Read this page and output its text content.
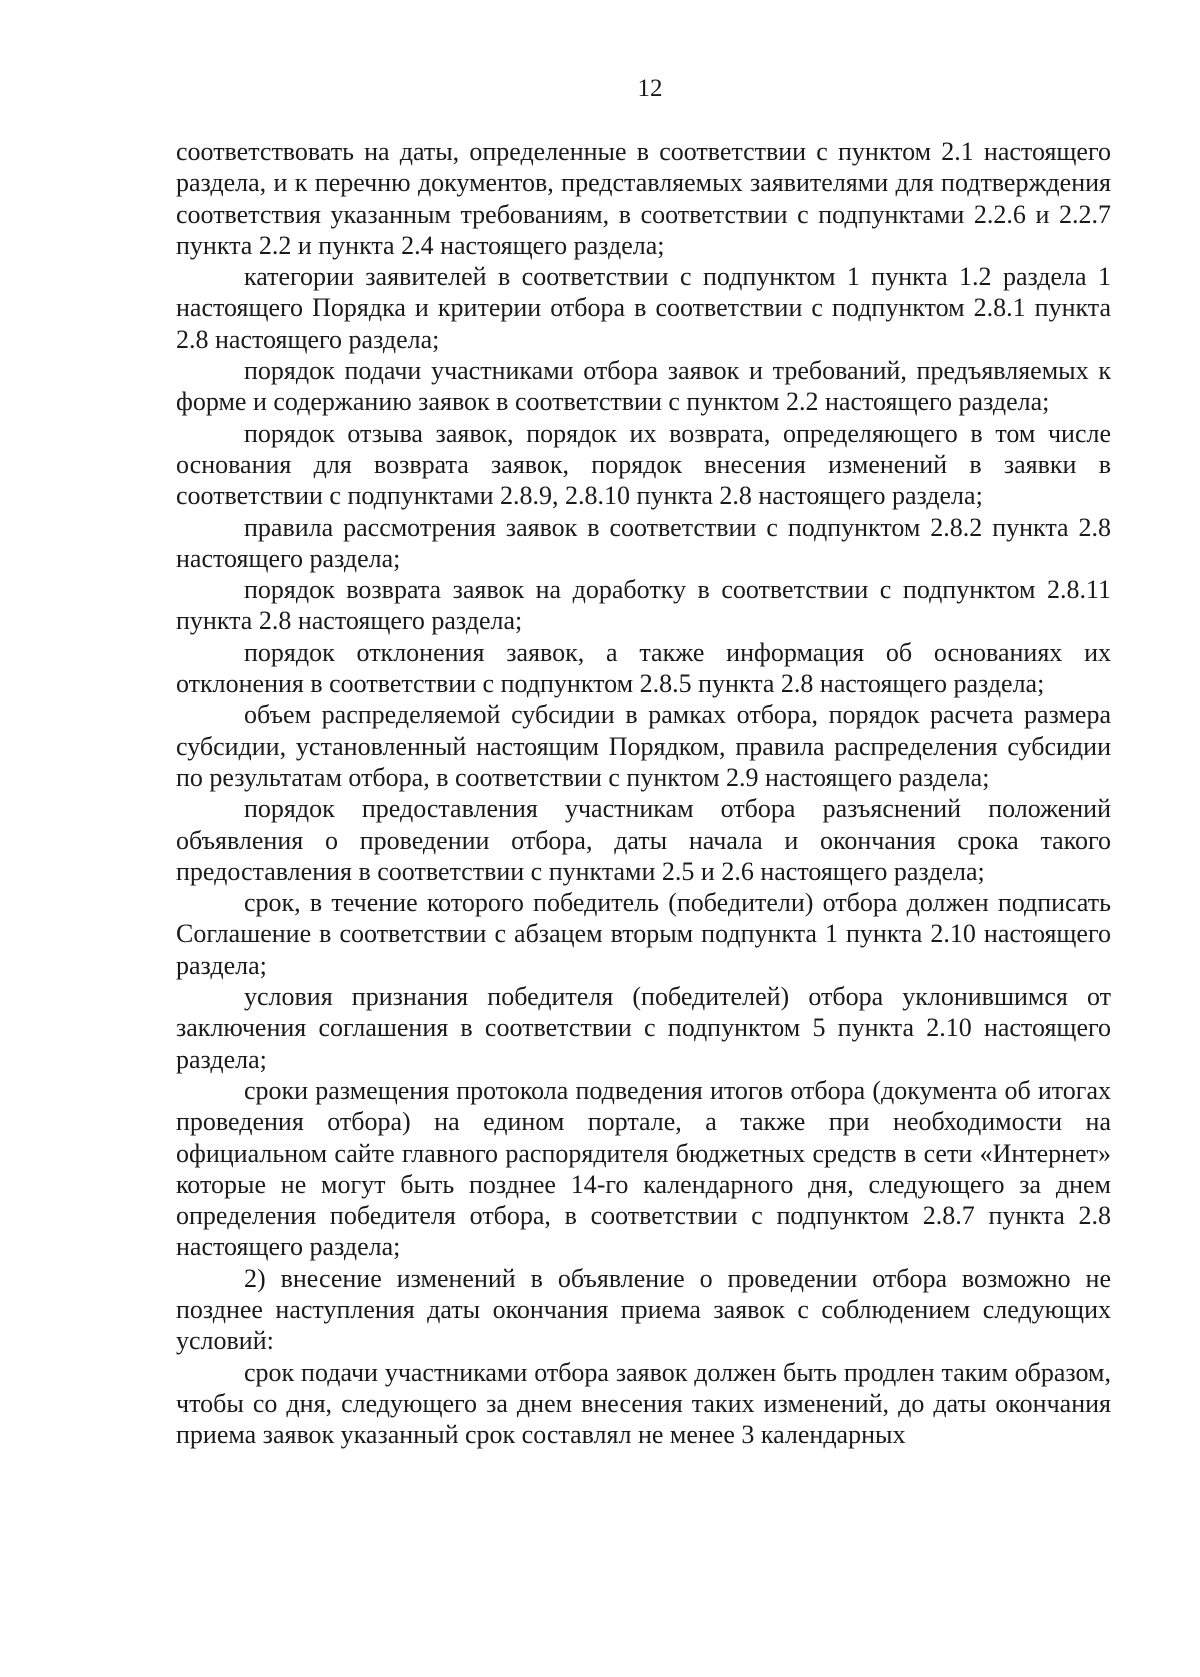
12

соответствовать на даты, определенные в соответствии с пунктом 2.1 настоящего раздела, и к перечню документов, представляемых заявителями для подтверждения соответствия указанным требованиям, в соответствии с подпунктами 2.2.6 и 2.2.7 пункта 2.2 и пункта 2.4 настоящего раздела;

категории заявителей в соответствии с подпунктом 1 пункта 1.2 раздела 1 настоящего Порядка и критерии отбора в соответствии с подпунктом 2.8.1 пункта 2.8 настоящего раздела;

порядок подачи участниками отбора заявок и требований, предъявляемых к форме и содержанию заявок в соответствии с пунктом 2.2 настоящего раздела;

порядок отзыва заявок, порядок их возврата, определяющего в том числе основания для возврата заявок, порядок внесения изменений в заявки в соответствии с подпунктами 2.8.9, 2.8.10 пункта 2.8 настоящего раздела;

правила рассмотрения заявок в соответствии с подпунктом 2.8.2 пункта 2.8 настоящего раздела;

порядок возврата заявок на доработку в соответствии с подпунктом 2.8.11 пункта 2.8 настоящего раздела;

порядок отклонения заявок, а также информация об основаниях их отклонения в соответствии с подпунктом 2.8.5 пункта 2.8 настоящего раздела;

объем распределяемой субсидии в рамках отбора, порядок расчета размера субсидии, установленный настоящим Порядком, правила распределения субсидии по результатам отбора, в соответствии с пунктом 2.9 настоящего раздела;

порядок предоставления участникам отбора разъяснений положений объявления о проведении отбора, даты начала и окончания срока такого предоставления в соответствии с пунктами 2.5 и 2.6 настоящего раздела;

срок, в течение которого победитель (победители) отбора должен подписать Соглашение в соответствии с абзацем вторым подпункта 1 пункта 2.10 настоящего раздела;

условия признания победителя (победителей) отбора уклонившимся от заключения соглашения в соответствии с подпунктом 5 пункта 2.10 настоящего раздела;

сроки размещения протокола подведения итогов отбора (документа об итогах проведения отбора) на едином портале, а также при необходимости на официальном сайте главного распорядителя бюджетных средств в сети «Интернет» которые не могут быть позднее 14-го календарного дня, следующего за днем определения победителя отбора, в соответствии с подпунктом 2.8.7 пункта 2.8 настоящего раздела;

2) внесение изменений в объявление о проведении отбора возможно не позднее наступления даты окончания приема заявок с соблюдением следующих условий:

срок подачи участниками отбора заявок должен быть продлен таким образом, чтобы со дня, следующего за днем внесения таких изменений, до даты окончания приема заявок указанный срок составлял не менее 3 календарных
